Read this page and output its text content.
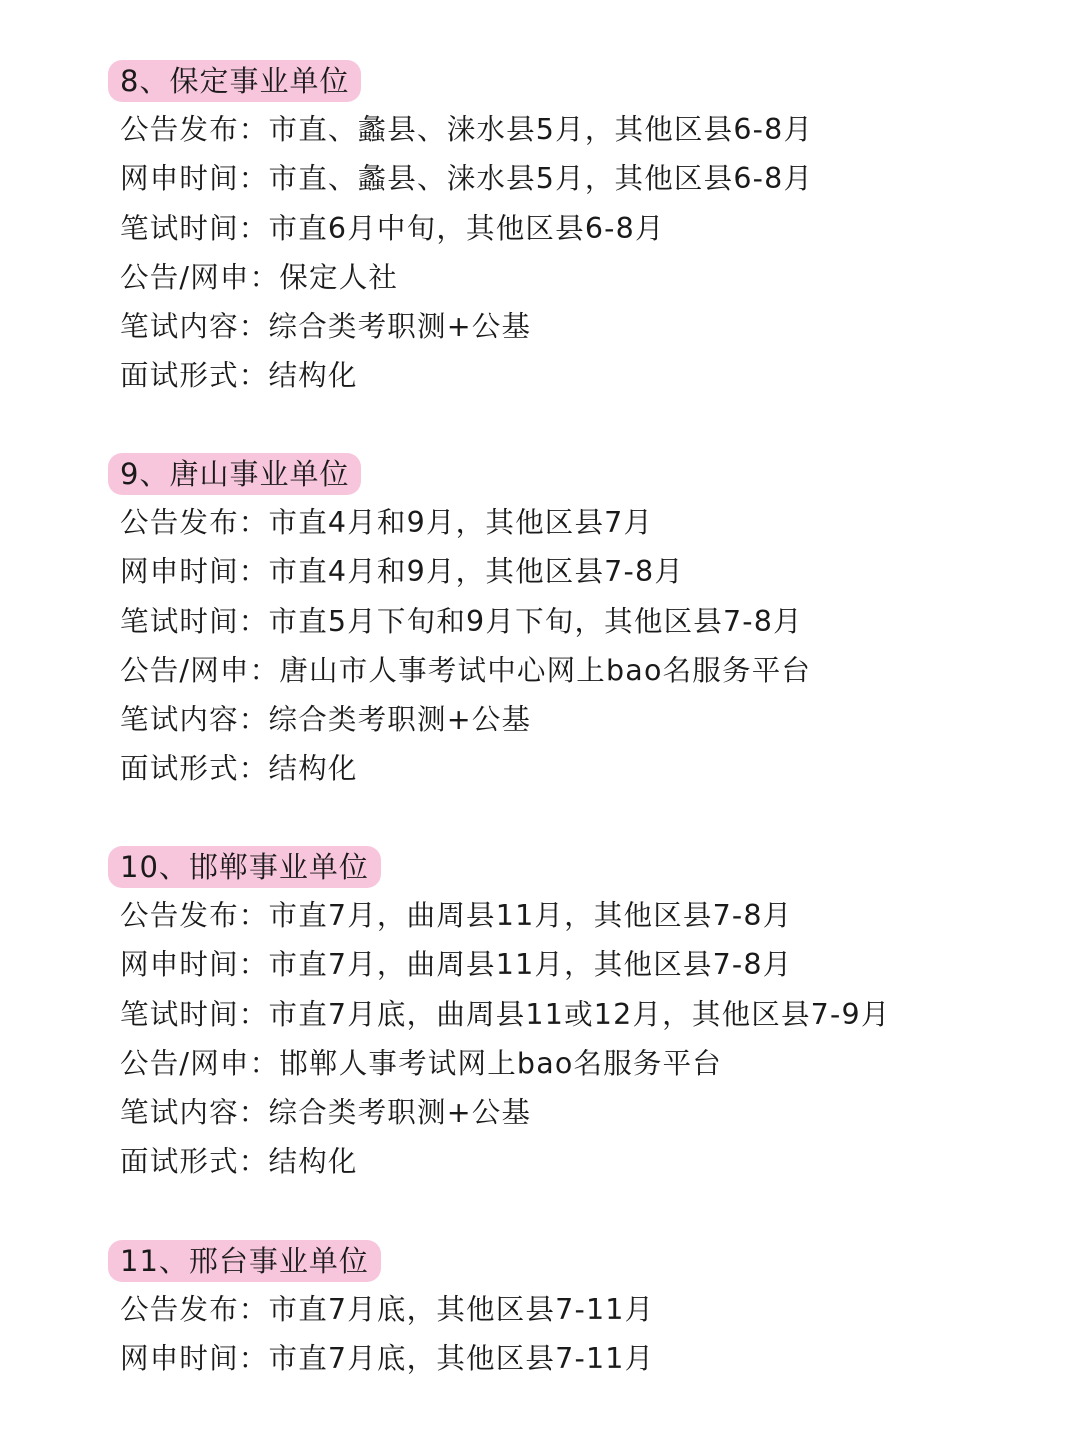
8、保定事业单位
公告发布：市直、蠡县、涞水县5月，其他区县6-8月
网申时间：市直、蠡县、涞水县5月，其他区县6-8月
笔试时间：市直6月中旬，其他区县6-8月
公告/网申：保定人社
笔试内容：综合类考职测+公基
面试形式：结构化
9、唐山事业单位
公告发布：市直4月和9月，其他区县7月
网申时间：市直4月和9月，其他区县7-8月
笔试时间：市直5月下旬和9月下旬，其他区县7-8月
公告/网申：唐山市人事考试中心网上bao名服务平台
笔试内容：综合类考职测+公基
面试形式：结构化
10、邯郸事业单位
公告发布：市直7月，曲周县11月，其他区县7-8月
网申时间：市直7月，曲周县11月，其他区县7-8月
笔试时间：市直7月底，曲周县11或12月，其他区县7-9月
公告/网申：邯郸人事考试网上bao名服务平台
笔试内容：综合类考职测+公基
面试形式：结构化
11、邢台事业单位
公告发布：市直7月底，其他区县7-11月
网申时间：市直7月底，其他区县7-11月
